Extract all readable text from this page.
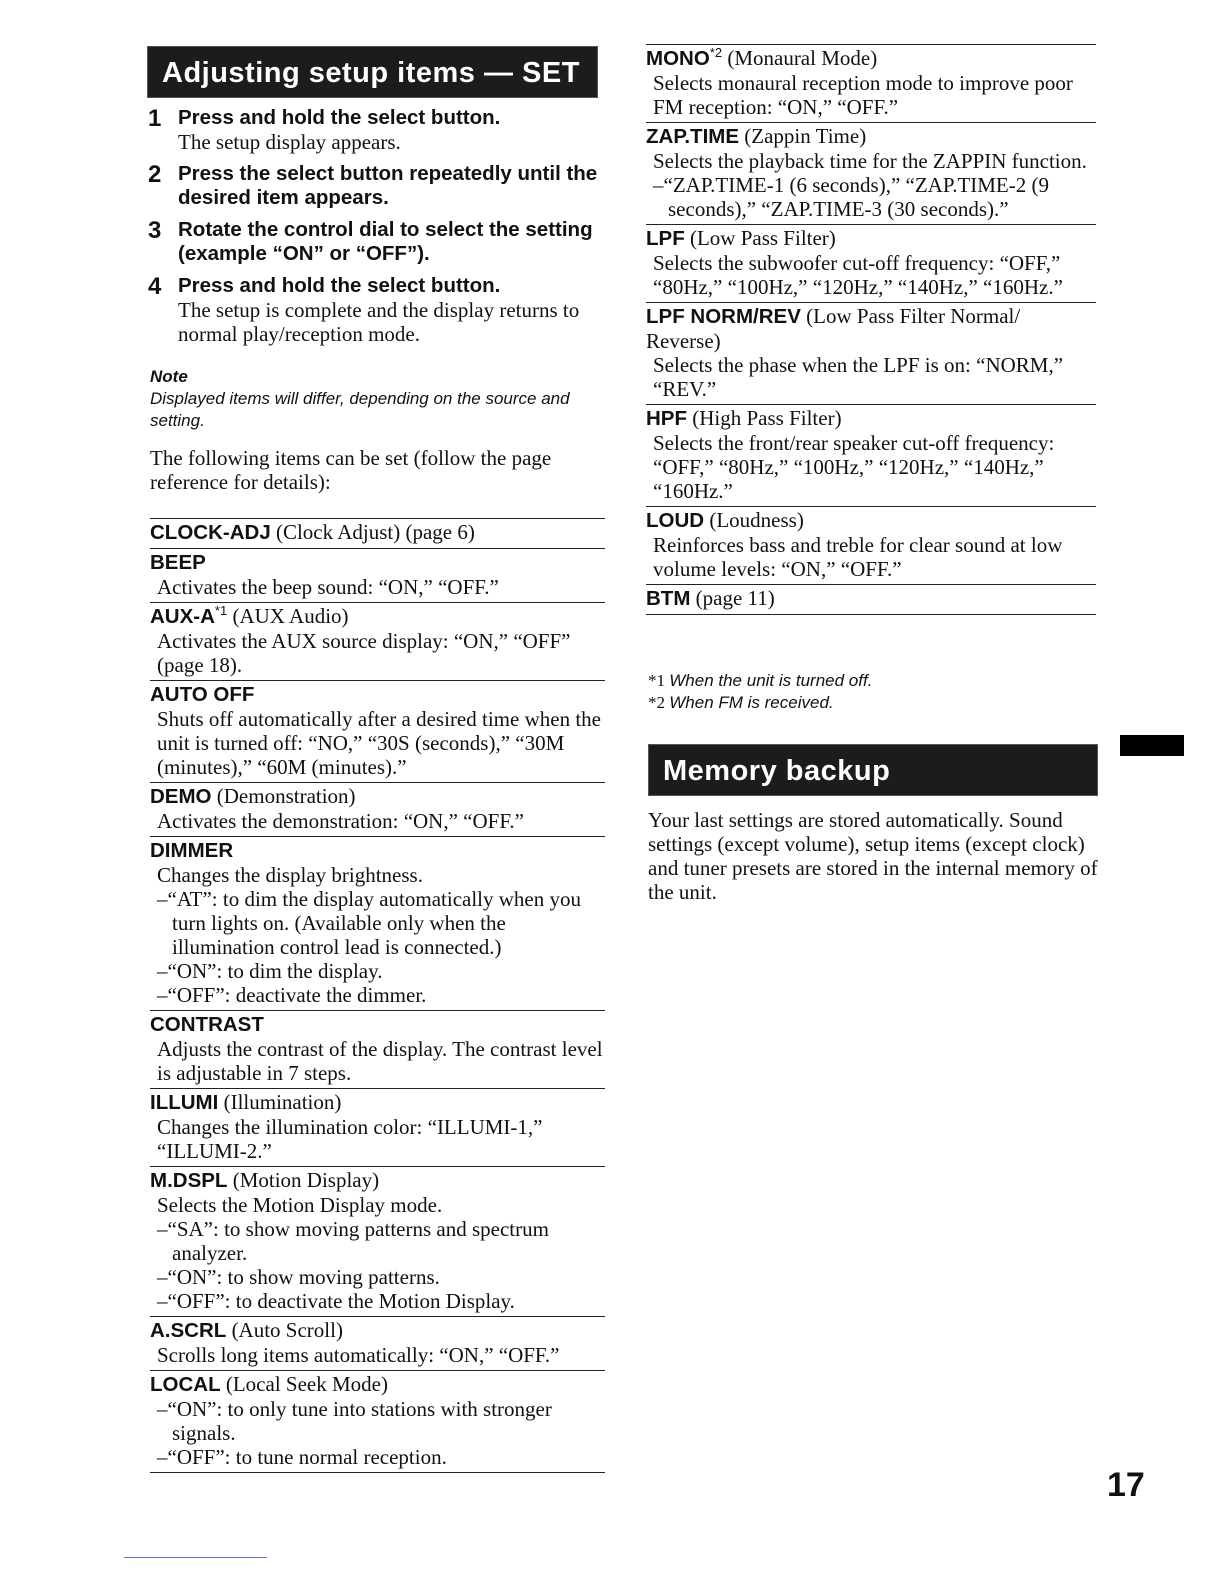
Adjusting setup items — SET
1 Press and hold the select button.
The setup display appears.
2 Press the select button repeatedly until the desired item appears.
3 Rotate the control dial to select the setting (example “ON” or “OFF”).
4 Press and hold the select button.
The setup is complete and the display returns to normal play/reception mode.
Note
Displayed items will differ, depending on the source and setting.
The following items can be set (follow the page reference for details):
CLOCK-ADJ (Clock Adjust) (page 6)
BEEP
Activates the beep sound: “ON,” “OFF.”
AUX-$A^{*1}$ (AUX Audio)
Activates the AUX source display: “ON,” “OFF” (page 18).
AUTO OFF
Shuts off automatically after a desired time when the unit is turned off: “NO,” “30S (seconds),” “30M (minutes),” “60M (minutes).”
DEMO (Demonstration)
Activates the demonstration: “ON,” “OFF.”
DIMMER
Changes the display brightness.
–“AT”: to dim the display automatically when you turn lights on. (Available only when the illumination control lead is connected.)
–“ON”: to dim the display.
–“OFF”: deactivate the dimmer.
CONTRAST
Adjusts the contrast of the display. The contrast level is adjustable in 7 steps.
ILLUMI (Illumination)
Changes the illumination color: “ILLUMI-1,” “ILLUMI-2.”
M.DSPL (Motion Display)
Selects the Motion Display mode.
–“SA”: to show moving patterns and spectrum analyzer.
–“ON”: to show moving patterns.
–“OFF”: to deactivate the Motion Display.
A.SCRL (Auto Scroll)
Scrolls long items automatically: “ON,” “OFF.”
LOCAL (Local Seek Mode)
–“ON”: to only tune into stations with stronger signals.
–“OFF”: to tune normal reception.
MONO$^{*2}$ (Monaural Mode)
Selects monaural reception mode to improve poor FM reception: “ON,” “OFF.”
ZAP.TIME (Zappin Time)
Selects the playback time for the ZAPPIN function.
–“ZAP.TIME-1 (6 seconds),” “ZAP.TIME-2 (9 seconds),” “ZAP.TIME-3 (30 seconds).”
LPF (Low Pass Filter)
Selects the subwoofer cut-off frequency: “OFF,” “80Hz,” “100Hz,” “120Hz,” “140Hz,” “160Hz.”
LPF NORM/REV (Low Pass Filter Normal/ Reverse)
Selects the phase when the LPF is on: “NORM,” “REV.”
HPF (High Pass Filter)
Selects the front/rear speaker cut-off frequency: “OFF,” “80Hz,” “100Hz,” “120Hz,” “140Hz,” “160Hz.”
LOUD (Loudness)
Reinforces bass and treble for clear sound at low volume levels: “ON,” “OFF.”
BTM (page 11)
*1 When the unit is turned off.
*2 When FM is received.
Memory backup
Your last settings are stored automatically. Sound settings (except volume), setup items (except clock) and tuner presets are stored in the internal memory of the unit.
17
